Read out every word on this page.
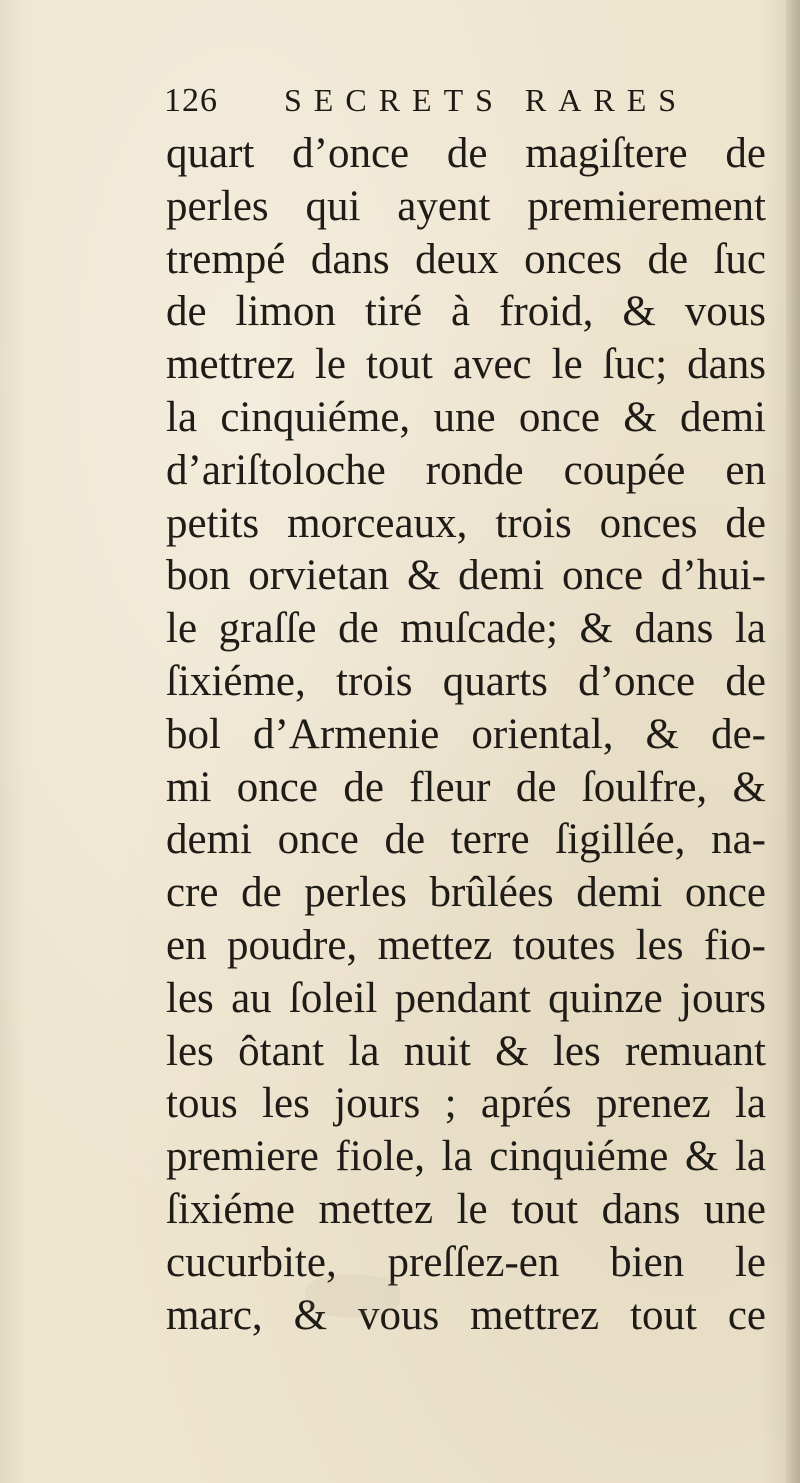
126	SECRETS RARES
quart d’once de magiſtere de
perles qui ayent premierement
trempé dans deux onces de ſuc
de limon tiré à froid, & vous
mettrez le tout avec le ſuc; dans
la cinquiéme, une once & demi
d’ariſtoloche ronde coupée en
petits morceaux, trois onces de
bon orvietan & demi once d’hui-
le graſſe de muſcade; & dans la
ſixiéme, trois quarts d’once de
bol d’Armenie oriental, & de-
mi once de fleur de ſoulfre, &
demi once de terre ſigillée, na-
cre de perles brûlées demi once
en poudre, mettez toutes les fio-
les au ſoleil pendant quinze jours
les ôtant la nuit & les remuant
tous les jours ; aprés prenez la
premiere fiole, la cinquiéme & la
ſixiéme mettez le tout dans une
cucurbite, preſſez-en bien le
marc, & vous mettrez tout ce
